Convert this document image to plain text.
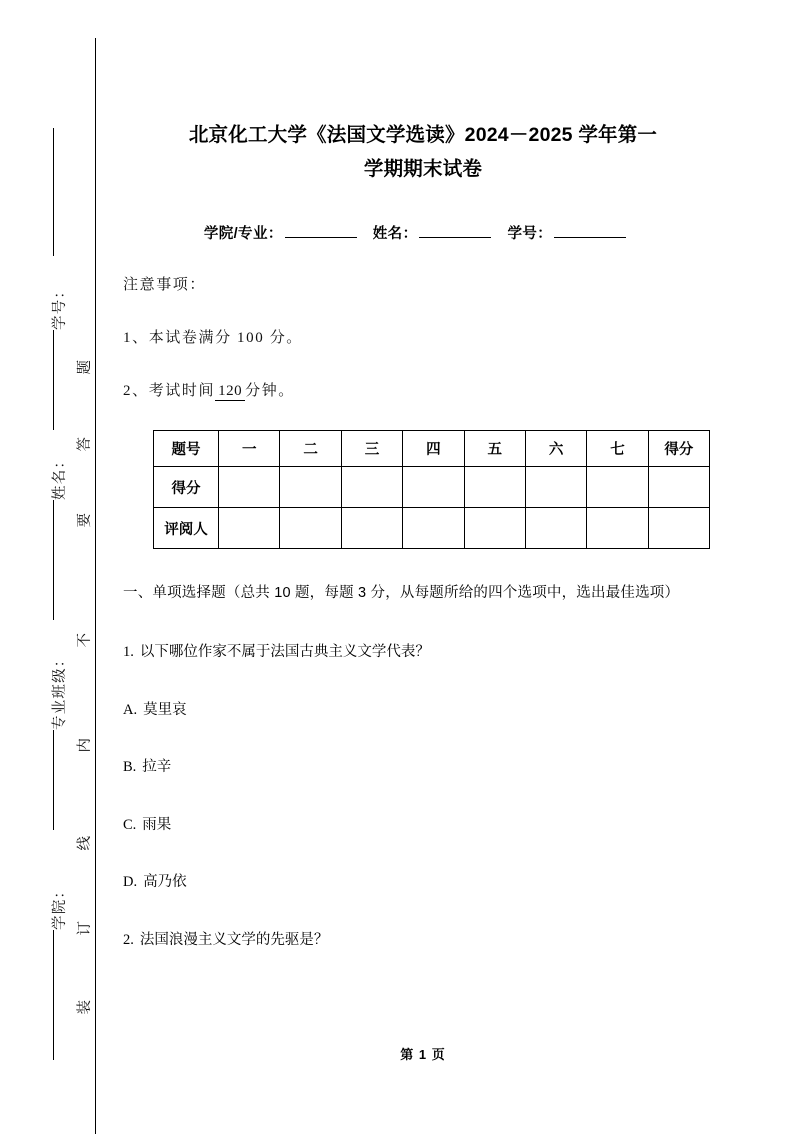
学号：
姓名：
专业班级：
学院：
题
答
要
不
内
线
订
装
北京化工大学《法国文学选读》2024－2025 学年第一
学期期末试卷
学院/专业：	姓名：	学号：

注意事项：

1、本试卷满分 100 分。

2、考试时间 120 分钟。

题号	一	二	三	四	五	六	七	得分
得分								
评阅人								

一、单项选择题（总共 10 题，每题 3 分，从每题所给的四个选项中，选出最佳选项）

1. 以下哪位作家不属于法国古典主义文学代表？

A. 莫里哀

B. 拉辛

C. 雨果

D. 高乃依

2. 法国浪漫主义文学的先驱是？

第 1 页
